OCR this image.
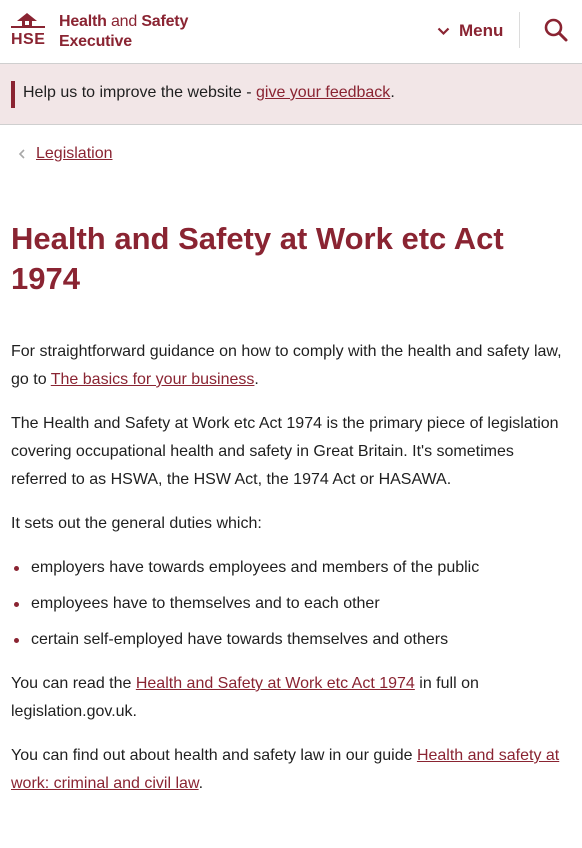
HSE
Health and Safety
Executive
Menu
Help us to improve the website - give your feedback.
Legislation
Health and Safety at Work etc Act 1974

For straightforward guidance on how to comply with the health and safety law, go to The basics for your business.

The Health and Safety at Work etc Act 1974 is the primary piece of legislation covering occupational health and safety in Great Britain. It's sometimes referred to as HSWA, the HSW Act, the 1974 Act or HASAWA.

It sets out the general duties which:

employers have towards employees and members of the public
employees have to themselves and to each other
certain self-employed have towards themselves and others

You can read the Health and Safety at Work etc Act 1974 in full on legislation.gov.uk.

You can find out about health and safety law in our guide Health and safety at work: criminal and civil law.
